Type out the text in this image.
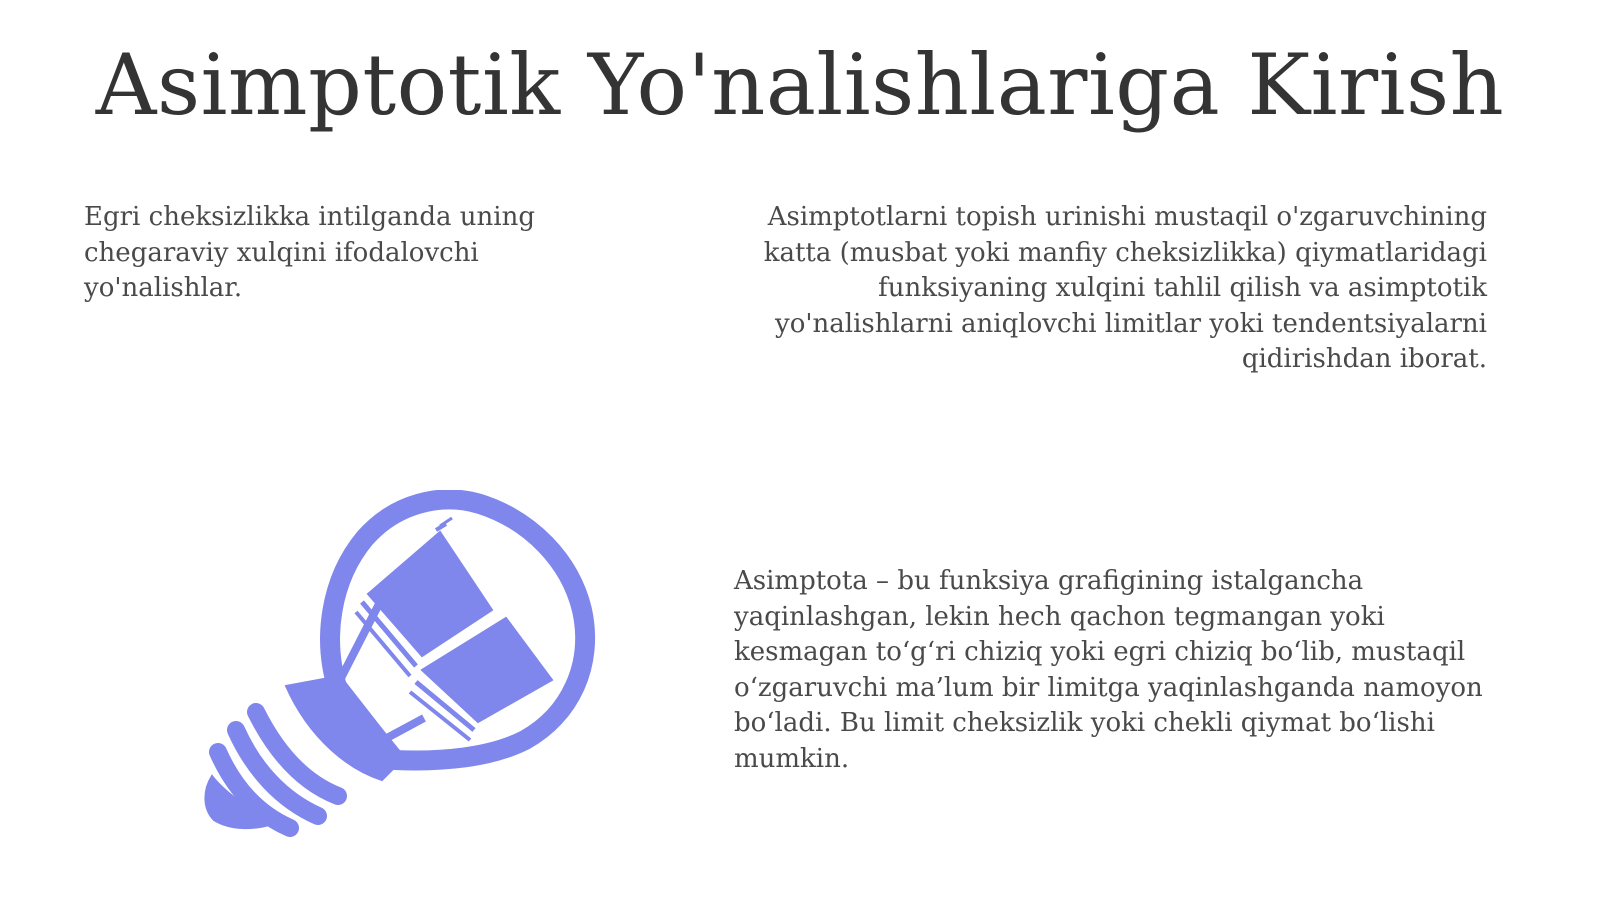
Asimptotik Yo'nalishlariga Kirish

Egri cheksizlikka intilganda uning chegaraviy xulqini ifodalovchi yo'nalishlar.

Asimptotlarni topish urinishi mustaqil o'zgaruvchining katta (musbat yoki manfiy cheksizlikka) qiymatlaridagi funksiyaning xulqini tahlil qilish va asimptotik yo'nalishlarni aniqlovchi limitlar yoki tendentsiyalarni qidirishdan iborat.

Asimptota – bu funksiya grafigining istalgancha yaqinlashgan, lekin hech qachon tegmangan yoki kesmagan to‘g‘ri chiziq yoki egri chiziq bo‘lib, mustaqil o‘zgaruvchi ma’lum bir limitga yaqinlashganda namoyon bo‘ladi. Bu limit cheksizlik yoki chekli qiymat bo‘lishi mumkin.
